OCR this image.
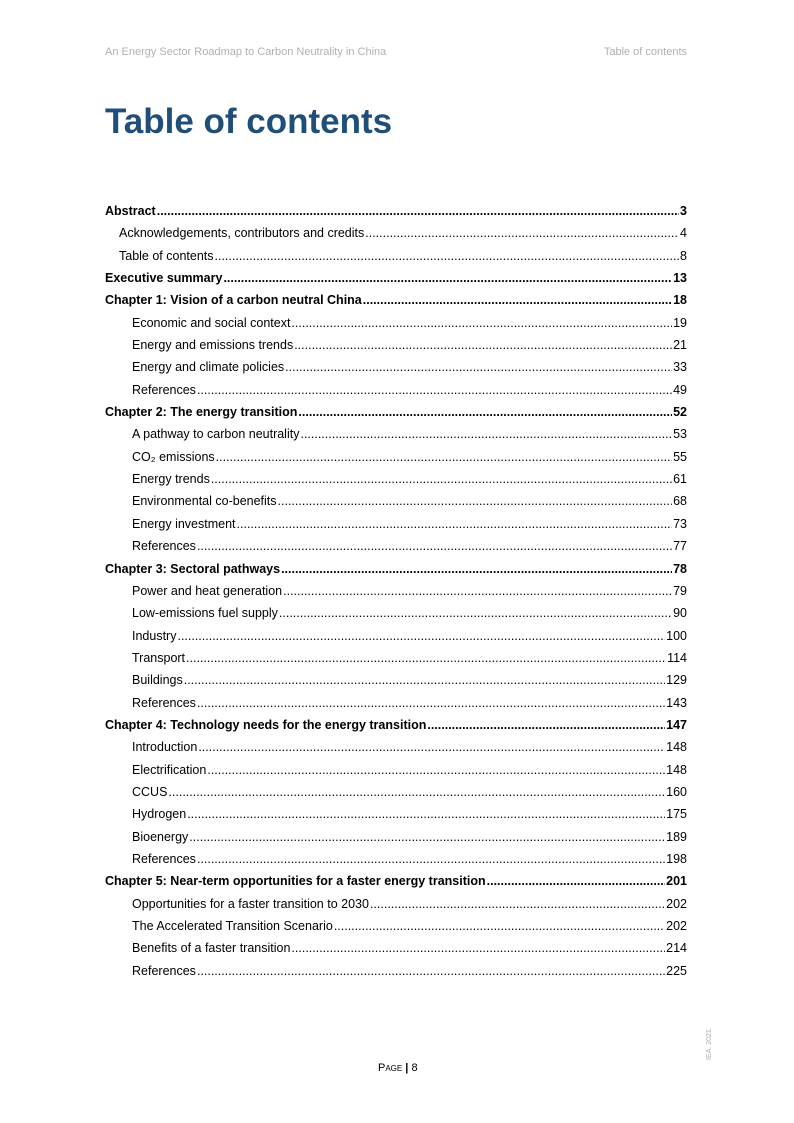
An Energy Sector Roadmap to Carbon Neutrality in China	Table of contents
Table of contents
Abstract .....	3
Acknowledgements, contributors and credits .....	4
Table of contents .....	8
Executive summary .....	13
Chapter 1: Vision of a carbon neutral China .....	18
Economic and social context .....	19
Energy and emissions trends .....	21
Energy and climate policies .....	33
References .....	49
Chapter 2: The energy transition .....	52
A pathway to carbon neutrality .....	53
CO₂ emissions .....	55
Energy trends .....	61
Environmental co-benefits .....	68
Energy investment .....	73
References .....	77
Chapter 3: Sectoral pathways .....	78
Power and heat generation .....	79
Low-emissions fuel supply .....	90
Industry .....	100
Transport .....	114
Buildings .....	129
References .....	143
Chapter 4: Technology needs for the energy transition .....	147
Introduction .....	148
Electrification .....	148
CCUS .....	160
Hydrogen .....	175
Bioenergy .....	189
References .....	198
Chapter 5: Near-term opportunities for a faster energy transition .....	201
Opportunities for a faster transition to 2030 .....	202
The Accelerated Transition Scenario .....	202
Benefits of a faster transition .....	214
References .....	225
Page | 8
IEA. 2021.
